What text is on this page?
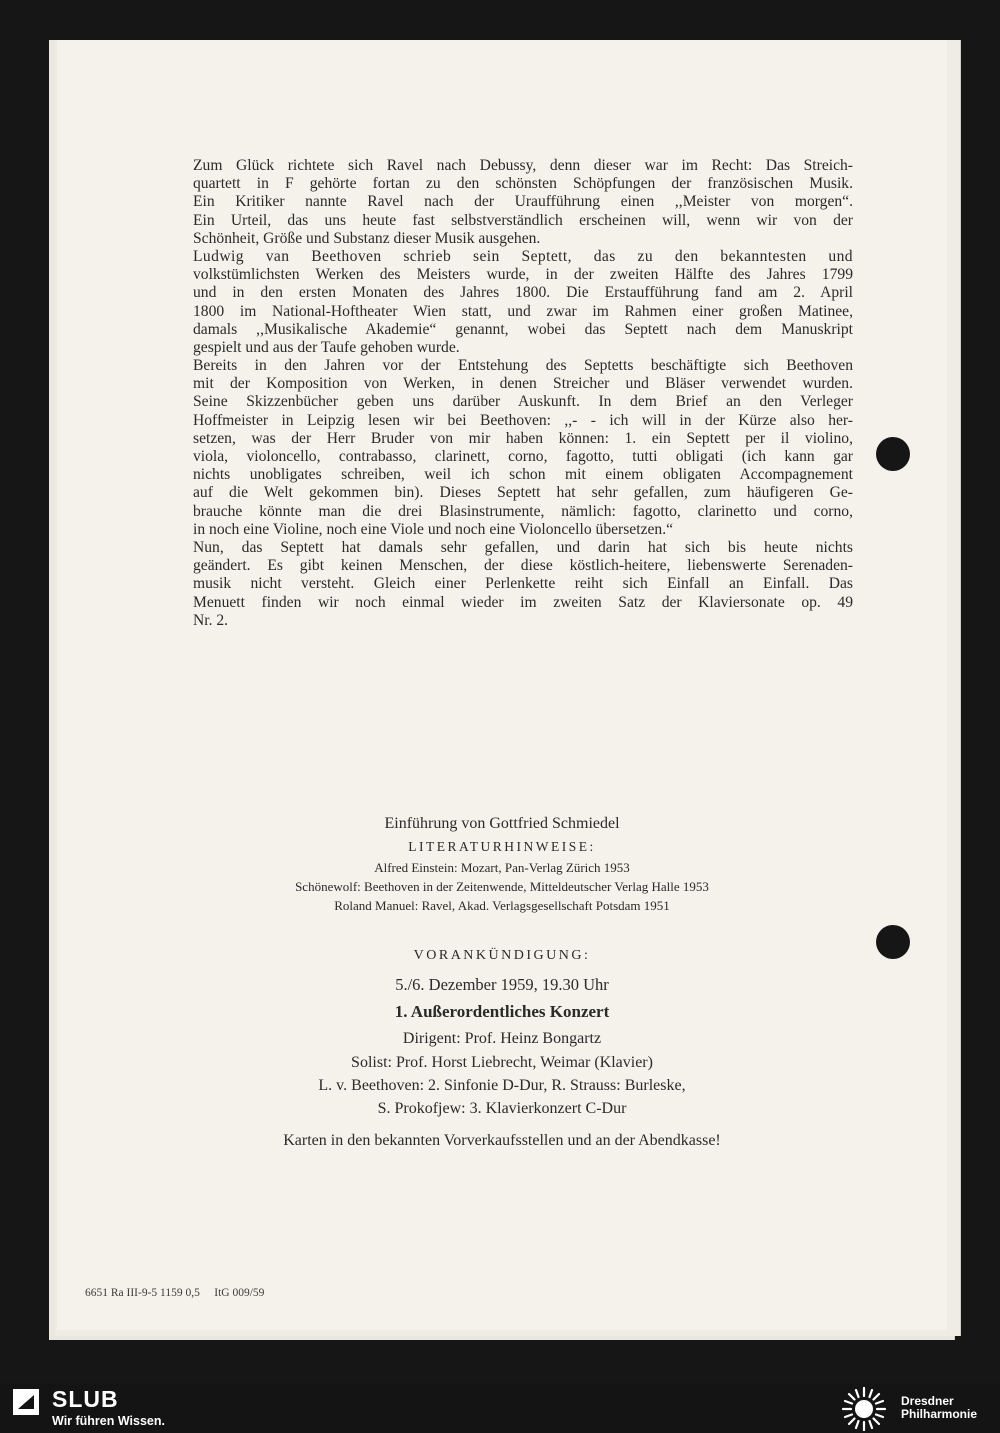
Zum Glück richtete sich Ravel nach Debussy, denn dieser war im Recht: Das Streich-
quartett in F gehörte fortan zu den schönsten Schöpfungen der französischen Musik.
Ein Kritiker nannte Ravel nach der Uraufführung einen ,,Meister von morgen“.
Ein Urteil, das uns heute fast selbstverständlich erscheinen will, wenn wir von der
Schönheit, Größe und Substanz dieser Musik ausgehen.
Ludwig van Beethoven schrieb sein Septett, das zu den bekanntesten und
volkstümlichsten Werken des Meisters wurde, in der zweiten Hälfte des Jahres 1799
und in den ersten Monaten des Jahres 1800. Die Erstaufführung fand am 2. April
1800 im National-Hoftheater Wien statt, und zwar im Rahmen einer großen Matinee,
damals ,,Musikalische Akademie“ genannt, wobei das Septett nach dem Manuskript
gespielt und aus der Taufe gehoben wurde.
Bereits in den Jahren vor der Entstehung des Septetts beschäftigte sich Beethoven
mit der Komposition von Werken, in denen Streicher und Bläser verwendet wurden.
Seine Skizzenbücher geben uns darüber Auskunft. In dem Brief an den Verleger
Hoffmeister in Leipzig lesen wir bei Beethoven: ,,- - ich will in der Kürze also her-
setzen, was der Herr Bruder von mir haben können: 1. ein Septett per il violino,
viola, violoncello, contrabasso, clarinett, corno, fagotto, tutti obligati (ich kann gar
nichts unobligates schreiben, weil ich schon mit einem obligaten Accompagnement
auf die Welt gekommen bin). Dieses Septett hat sehr gefallen, zum häufigeren Ge-
brauche könnte man die drei Blasinstrumente, nämlich: fagotto, clarinetto und corno,
in noch eine Violine, noch eine Viole und noch eine Violoncello übersetzen.“
Nun, das Septett hat damals sehr gefallen, und darin hat sich bis heute nichts
geändert. Es gibt keinen Menschen, der diese köstlich-heitere, liebenswerte Serenaden-
musik nicht versteht. Gleich einer Perlenkette reiht sich Einfall an Einfall. Das
Menuett finden wir noch einmal wieder im zweiten Satz der Klaviersonate op. 49
Nr. 2.
Einführung von Gottfried Schmiedel
LITERATURHINWEISE:
Alfred Einstein: Mozart, Pan-Verlag Zürich 1953
Schönewolf: Beethoven in der Zeitenwende, Mitteldeutscher Verlag Halle 1953
Roland Manuel: Ravel, Akad. Verlagsgesellschaft Potsdam 1951
VORANKÜNDIGUNG:
5./6. Dezember 1959, 19.30 Uhr
1. Außerordentliches Konzert
Dirigent: Prof. Heinz Bongartz
Solist: Prof. Horst Liebrecht, Weimar (Klavier)
L. v. Beethoven: 2. Sinfonie D-Dur, R. Strauss: Burleske,
S. Prokofjew: 3. Klavierkonzert C-Dur
Karten in den bekannten Vorverkaufsstellen und an der Abendkasse!
6651 Ra III-9-5 1159 0,5     ItG 009/59
SLUB
Wir führen Wissen.
Dresdner
Philharmonie
